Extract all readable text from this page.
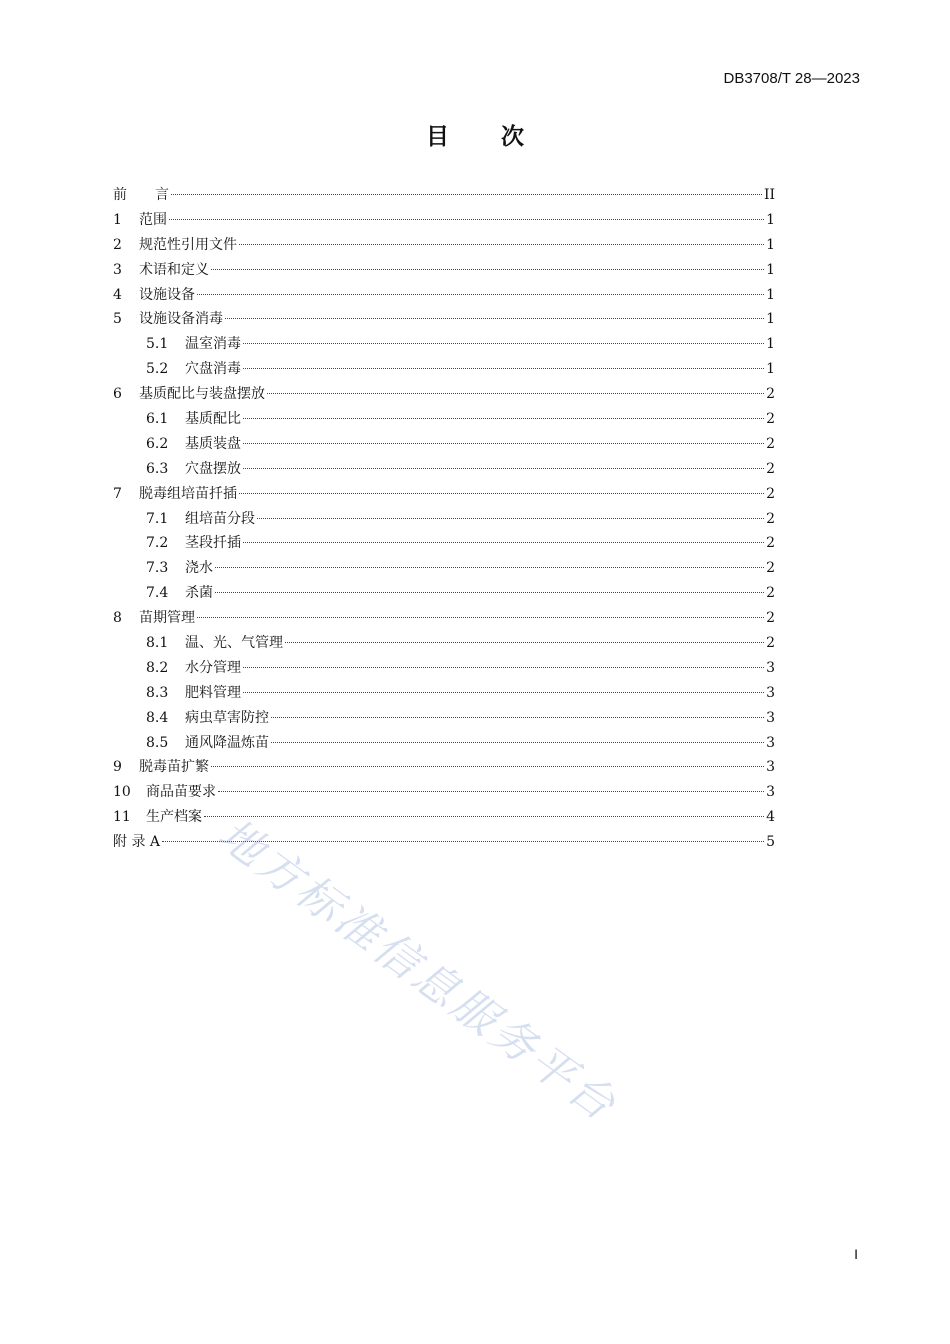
DB3708/T 28—2023
目 次
前　　言	II
1	范围	1
2	规范性引用文件	1
3	术语和定义	1
4	设施设备	1
5	设施设备消毒	1
5.1	温室消毒	1
5.2	穴盘消毒	1
6	基质配比与装盘摆放	2
6.1	基质配比	2
6.2	基质装盘	2
6.3	穴盘摆放	2
7	脱毒组培苗扦插	2
7.1	组培苗分段	2
7.2	茎段扦插	2
7.3	浇水	2
7.4	杀菌	2
8	苗期管理	2
8.1	温、光、气管理	2
8.2	水分管理	3
8.3	肥料管理	3
8.4	病虫草害防控	3
8.5	通风降温炼苗	3
9	脱毒苗扩繁	3
10	商品苗要求	3
11	生产档案	4
附 录 A	5
地方标准信息服务平台
I
